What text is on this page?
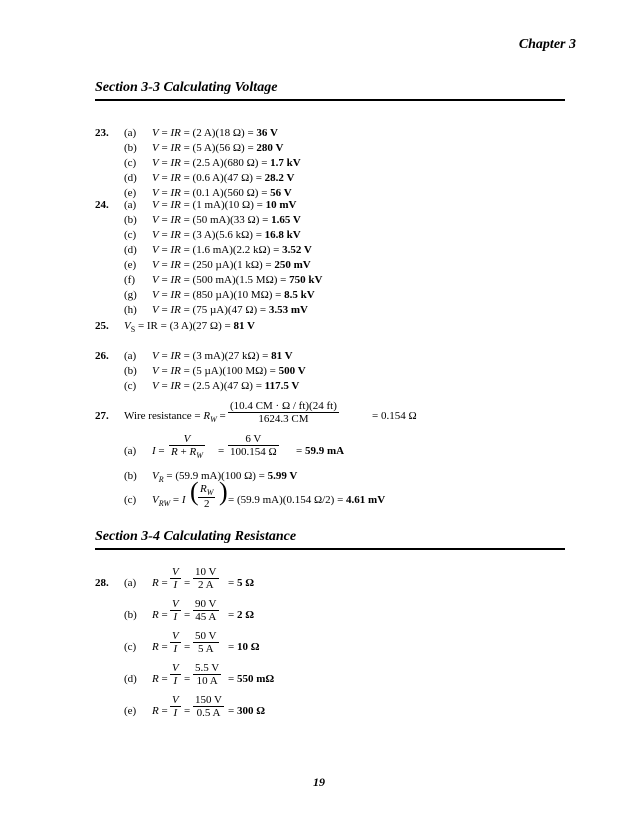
Chapter 3
Section 3-3 Calculating Voltage
23. (a) V = IR = (2 A)(18 Ω) = 36 V
(b) V = IR = (5 A)(56 Ω) = 280 V
(c) V = IR = (2.5 A)(680 Ω) = 1.7 kV
(d) V = IR = (0.6 A)(47 Ω) = 28.2 V
(e) V = IR = (0.1 A)(560 Ω) = 56 V
24. (a) V = IR = (1 mA)(10 Ω) = 10 mV
(b) V = IR = (50 mA)(33 Ω) = 1.65 V
(c) V = IR = (3 A)(5.6 kΩ) = 16.8 kV
(d) V = IR = (1.6 mA)(2.2 kΩ) = 3.52 V
(e) V = IR = (250 µA)(1 kΩ) = 250 mV
(f) V = IR = (500 mA)(1.5 MΩ) = 750 kV
(g) V = IR = (850 µA)(10 MΩ) = 8.5 kV
(h) V = IR = (75 µA)(47 Ω) = 3.53 mV
25. $V_S$ = IR = (3 A)(27 Ω) = 81 V
26. (a) V = IR = (3 mA)(27 kΩ) = 81 V
(b) V = IR = (5 µA)(100 MΩ) = 500 V
(c) V = IR = (2.5 A)(47 Ω) = 117.5 V
27. Wire resistance = $R_W = \frac{(10.4 CM \cdot \Omega / ft)(24 ft)}{1624.3 CM}$	= 0.154 Ω
(a) $I = \frac{V}{R + R_W} = \frac{6 V}{100.154 \Omega} = 59.9$ mA
(b) $V_R = (59.9$ mA)(100 Ω) = 5.99 V
(c) $V_{RW} = I$ ( $\frac{R_W}{2}$ ) = (59.9 mA)(0.154 Ω/2) = 4.61 mV
Section 3-4 Calculating Resistance
28. (a) $R = \frac{V}{I} = \frac{10 V}{2 A} = 5$ Ω
(b) $R = \frac{V}{I} = \frac{90 V}{45 A} = 2$ Ω
(c) $R = \frac{V}{I} = \frac{50 V}{5 A} = 10$ Ω
(d) $R = \frac{V}{I} = \frac{5.5 V}{10 A} = 550$ mΩ
(e) $R = \frac{V}{I} = \frac{150 V}{0.5 A} = 300$ Ω
19
